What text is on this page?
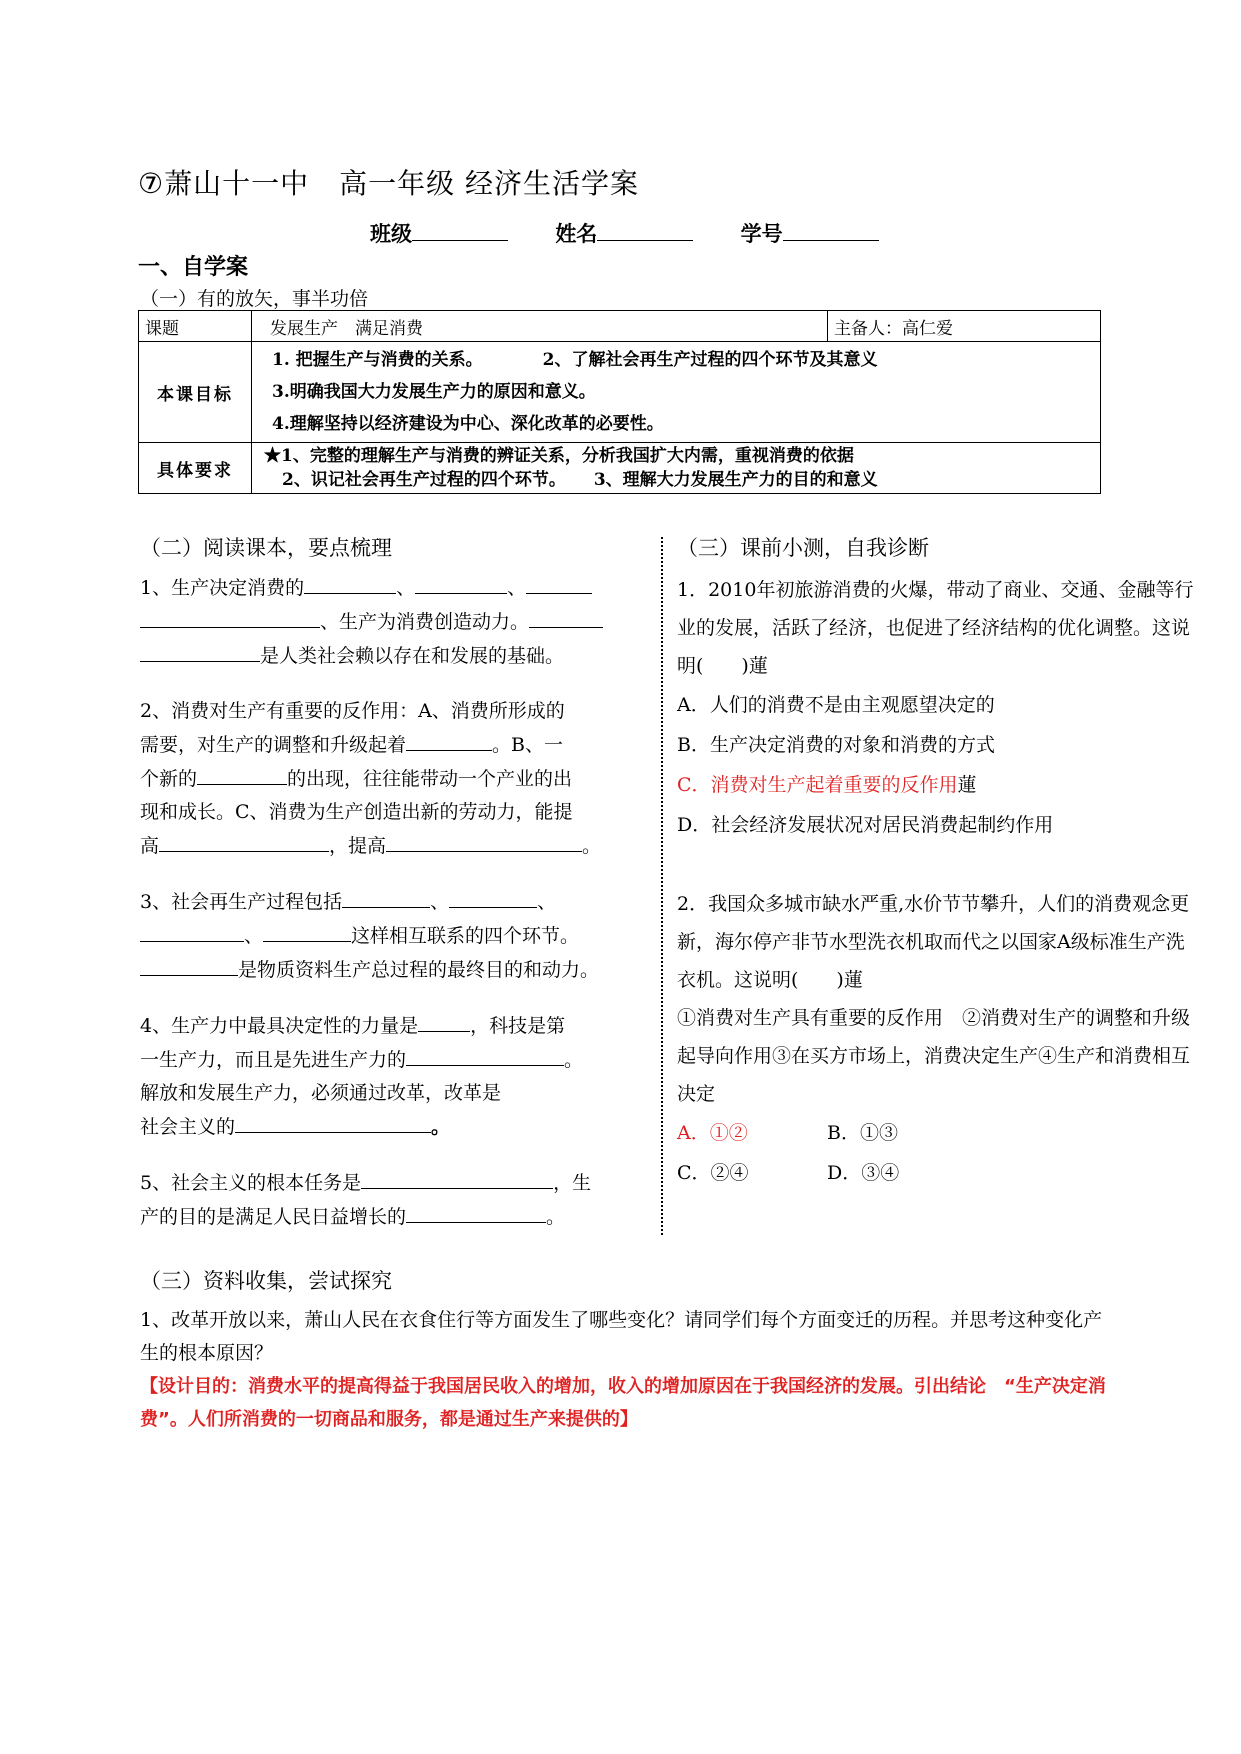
⑦萧山十一中 高一年级 经济生活学案
班级	姓名	学号
一、自学案
（一）有的放矢，事半功倍
课题	发展生产　满足消费	主备人：高仁爱
本课目标	1. 把握生产与消费的关系。 2、了解社会再生产过程的四个环节及其意义
3.明确我国大力发展生产力的原因和意义。
4.理解坚持以经济建设为中心、深化改革的必要性。	

具体要求	★1、完整的理解生产与消费的辨证关系，分析我国扩大内需，重视消费的依据
2、识记社会再生产过程的四个环节。 3、理解大力发展生产力的目的和意义	
（二）阅读课本，要点梳理
1、生产决定消费的	、	、
、生产为消费创造动力。
是人类社会赖以存在和发展的基础。
2、消费对生产有重要的反作用：A、消费所形成的
需要，对生产的调整和升级起着	。B、一
个新的	的出现，往往能带动一个产业的出
现和成长。C、消费为生产创造出新的劳动力，能提
高	，提高	。
3、社会再生产过程包括	、	、
、	这样相互联系的四个环节。
是物质资料生产总过程的最终目的和动力。
4、生产力中最具决定性的力量是	，科技是第
一生产力，而且是先进生产力的	。
解放和发展生产力，必须通过改革，改革是
社会主义的	。
5、社会主义的根本任务是	，生
产的目的是满足人民日益增长的	。
（三）课前小测，自我诊断
1．2010年初旅游消费的火爆，带动了商业、交通、金融等行业的发展，活跃了经济，也促进了经济结构的优化调整。这说明(　　)蓮
A．人们的消费不是由主观愿望决定的
B．生产决定消费的对象和消费的方式
C．消费对生产起着重要的反作用蓮
D．社会经济发展状况对居民消费起制约作用
2．我国众多城市缺水严重,水价节节攀升，人们的消费观念更新，海尔停产非节水型洗衣机取而代之以国家A级标准生产洗衣机。这说明(　　)蓮
①消费对生产具有重要的反作用　②消费对生产的调整和升级起导向作用③在买方市场上，消费决定生产④生产和消费相互决定
A．①②	B．①③
C．②④	D．③④
（三）资料收集，尝试探究
1、改革开放以来，萧山人民在衣食住行等方面发生了哪些变化？请同学们每个方面变迁的历程。并思考这种变化产生的根本原因？
【设计目的：消费水平的提高得益于我国居民收入的增加，收入的增加原因在于我国经济的发展。引出结论　“生产决定消费”。人们所消费的一切商品和服务，都是通过生产来提供的】
